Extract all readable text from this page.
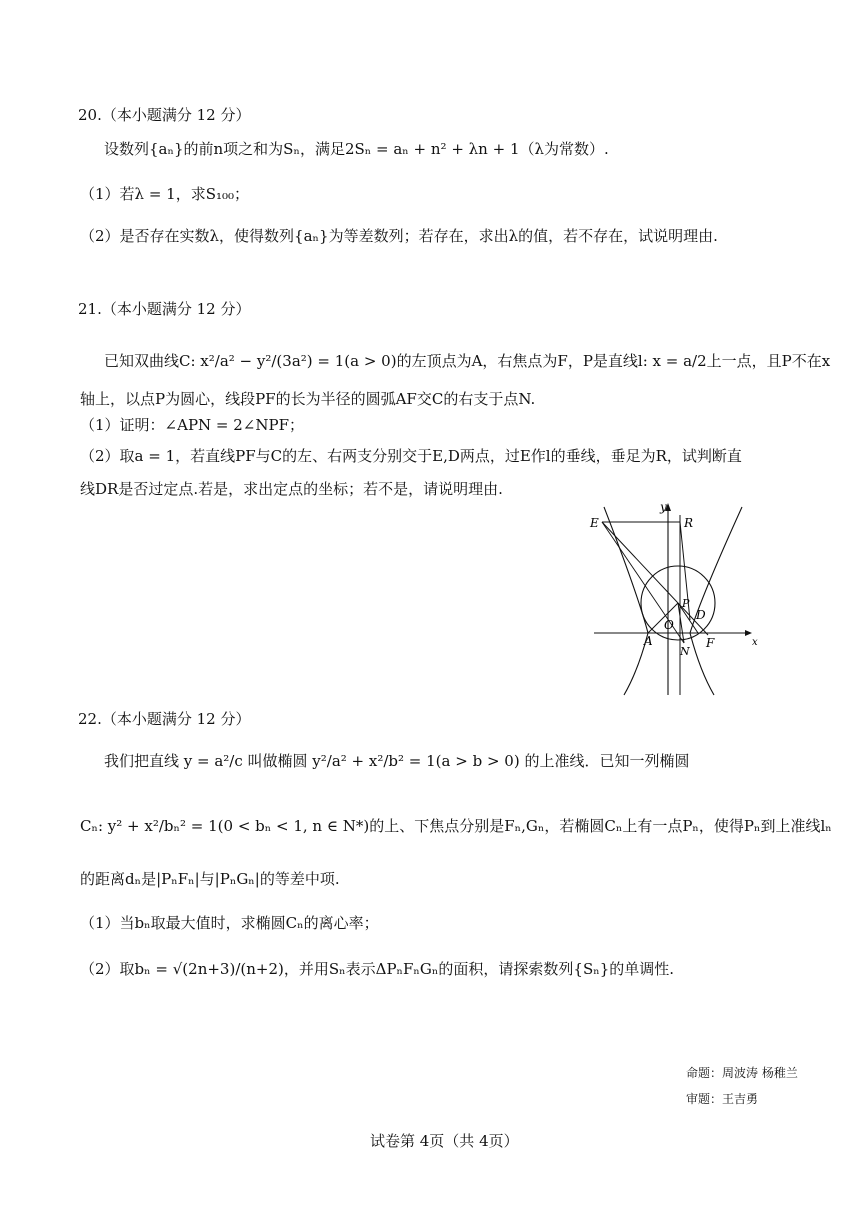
20.（本小题满分 12 分）
设数列{aₙ}的前n项之和为Sₙ，满足2Sₙ = aₙ + n² + λn + 1（λ为常数）.
（1）若λ = 1，求S₁₀₀；
（2）是否存在实数λ，使得数列{aₙ}为等差数列；若存在，求出λ的值，若不存在，试说明理由.
21.（本小题满分 12 分）
已知双曲线C: x²/a² − y²/(3a²) = 1(a > 0)的左顶点为A，右焦点为F，P是直线l: x = a/2上一点，且P不在x
轴上，以点P为圆心，线段PF的长为半径的圆弧AF交C的右支于点N.
（1）证明：∠APN = 2∠NPF；
（2）取a = 1，若直线PF与C的左、右两支分别交于E,D两点，过E作l的垂线，垂足为R，试判断直
线DR是否过定点.若是，求出定点的坐标；若不是，请说明理由.
E
y
R
P
D
O
A
N
F	x
22.（本小题满分 12 分）
我们把直线 y = a²/c 叫做椭圆 y²/a² + x²/b² = 1(a > b > 0) 的上准线．已知一列椭圆
Cₙ: y² + x²/bₙ² = 1(0 < bₙ < 1, n ∈ N*)的上、下焦点分别是Fₙ,Gₙ，若椭圆Cₙ上有一点Pₙ，使得Pₙ到上准线lₙ
的距离dₙ是|PₙFₙ|与|PₙGₙ|的等差中项.
（1）当bₙ取最大值时，求椭圆Cₙ的离心率；
（2）取bₙ = √(2n+3)/(n+2)，并用Sₙ表示ΔPₙFₙGₙ的面积，请探索数列{Sₙ}的单调性.
命题：周波涛 杨稚兰
审题：王吉勇
试卷第 4页（共 4页）
